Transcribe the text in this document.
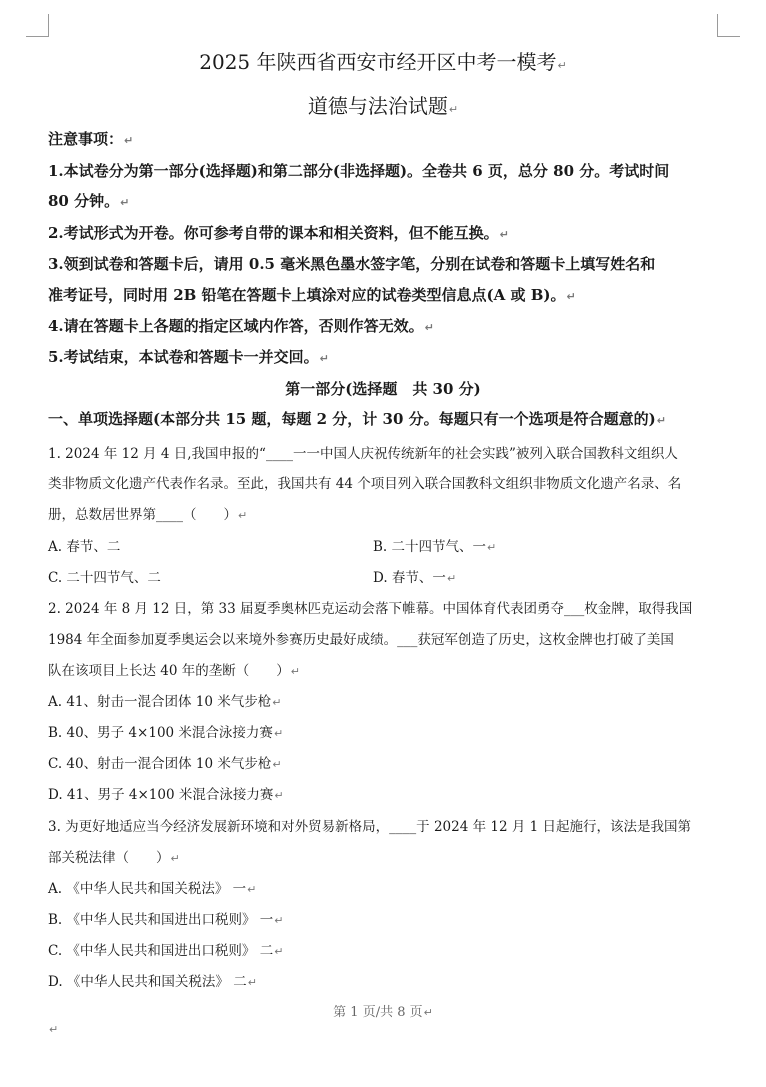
2025 年陕西省西安市经开区中考一模考↵
道德与法治试题↵
注意事项：↵
1.本试卷分为第一部分(选择题)和第二部分(非选择题)。全卷共 6 页，总分 80 分。考试时间
80 分钟。↵
2.考试形式为开卷。你可参考自带的课本和相关资料，但不能互换。↵
3.领到试卷和答题卡后，请用 0.5 毫米黑色墨水签字笔，分别在试卷和答题卡上填写姓名和
准考证号，同时用 2B 铅笔在答题卡上填涂对应的试卷类型信息点(A 或 B)。↵
4.请在答题卡上各题的指定区域内作答，否则作答无效。↵
5.考试结束，本试卷和答题卡一并交回。↵
第一部分(选择题　共 30 分)
一、单项选择题(本部分共 15 题，每题 2 分，计 30 分。每题只有一个选项是符合题意的)↵
1. 2024 年 12 月 4 日,我国申报的“____一一中国人庆祝传统新年的社会实践”被列入联合国教科文组织人
类非物质文化遗产代表作名录。至此，我国共有 44 个项目列入联合国教科文组织非物质文化遗产名录、名
册，总数居世界第____（　　）↵
A. 春节、二	B. 二十四节气、一↵
C. 二十四节气、二	D. 春节、一↵
2. 2024 年 8 月 12 日，第 33 届夏季奥林匹克运动会落下帷幕。中国体育代表团勇夺___枚金牌，取得我国
1984 年全面参加夏季奥运会以来境外参赛历史最好成绩。___获冠军创造了历史，这枚金牌也打破了美国
队在该项目上长达 40 年的垄断（　　）↵
A. 41、射击一混合团体 10 米气步枪↵
B. 40、男子 4×100 米混合泳接力赛↵
C. 40、射击一混合团体 10 米气步枪↵
D. 41、男子 4×100 米混合泳接力赛↵
3. 为更好地适应当今经济发展新环境和对外贸易新格局，____于 2024 年 12 月 1 日起施行，该法是我国第
部关税法律（　　）↵
A. 《中华人民共和国关税法》 一↵
B. 《中华人民共和国进出口税则》 一↵
C. 《中华人民共和国进出口税则》 二↵
D. 《中华人民共和国关税法》 二↵
第 1 页/共 8 页↵
↵
